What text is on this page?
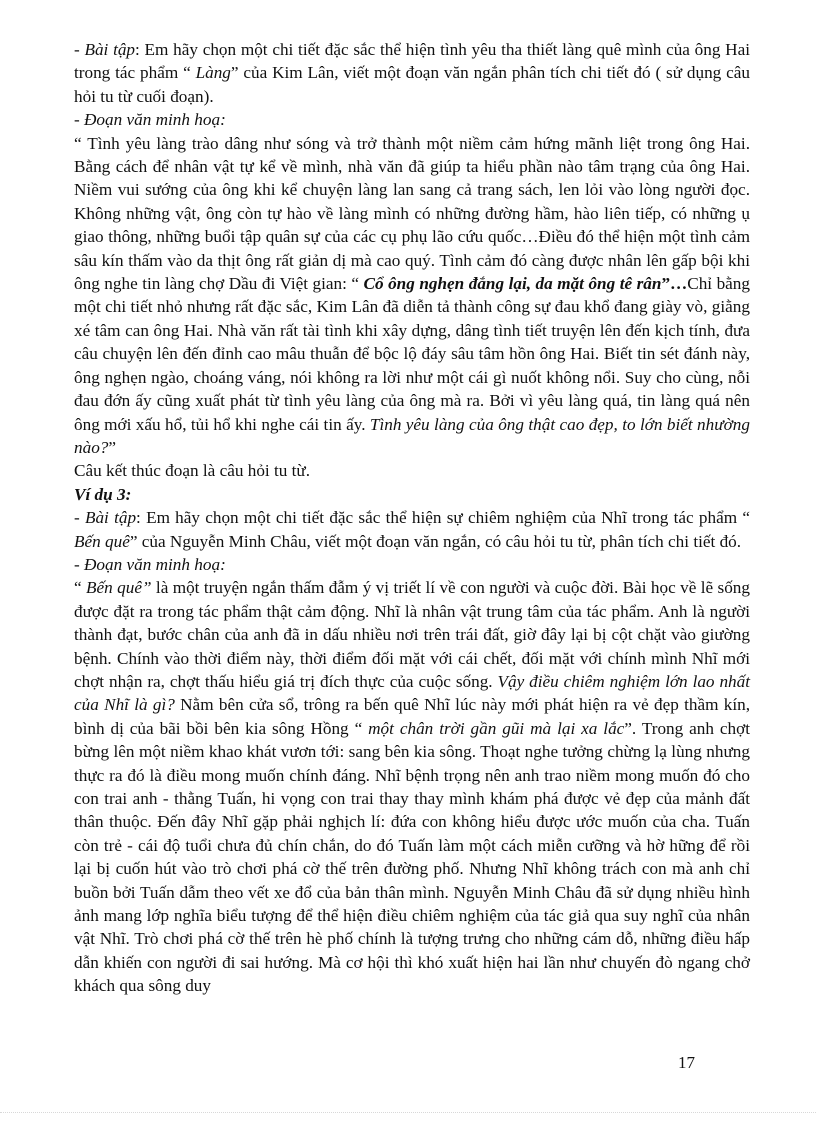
- Bài tập: Em hãy chọn một chi tiết đặc sắc thể hiện tình yêu tha thiết làng quê mình của ông Hai trong tác phẩm “ Làng” của Kim Lân, viết một đoạn văn ngắn phân tích chi tiết đó ( sử dụng câu hỏi tu từ cuối đoạn).

- Đoạn văn minh hoạ:

“ Tình yêu làng trào dâng như sóng và trở thành một niềm cảm hứng mãnh liệt trong ông Hai. Bằng cách để nhân vật tự kể về mình, nhà văn đã giúp ta hiểu phần nào tâm trạng của ông Hai. Niềm vui sướng của ông khi kể chuyện làng lan sang cả trang sách, len lỏi vào lòng người đọc. Không những vật, ông còn tự hào về làng mình có những đường hầm, hào liên tiếp, có những ụ giao thông, những buổi tập quân sự của các cụ phụ lão cứu quốc…Điều đó thể hiện một tình cảm sâu kín thấm vào da thịt ông rất giản dị mà cao quý. Tình cảm đó càng được nhân lên gấp bội khi ông nghe tin làng chợ Dầu đi Việt gian: “ Cổ ông nghẹn đắng lại, da mặt ông tê rân”…Chỉ bằng một chi tiết nhỏ nhưng rất đặc sắc, Kim Lân đã diễn tả thành công sự đau khổ đang giày vò, giằng xé tâm can ông Hai. Nhà văn rất tài tình khi xây dựng, dâng tình tiết truyện lên đến kịch tính, đưa câu chuyện lên đến đỉnh cao mâu thuẫn để bộc lộ đáy sâu tâm hồn ông Hai. Biết tin sét đánh này, ông nghẹn ngào, choáng váng, nói không ra lời như một cái gì nuốt không nổi. Suy cho cùng, nỗi đau đớn ấy cũng xuất phát từ tình yêu làng của ông mà ra. Bởi vì yêu làng quá, tin làng quá nên ông mới xấu hổ, tủi hổ khi nghe cái tin ấy. Tình yêu làng của ông thật cao đẹp, to lớn biết nhường nào?”

Câu kết thúc đoạn là câu hỏi tu từ.

Ví dụ 3:

- Bài tập: Em hãy chọn một chi tiết đặc sắc thể hiện sự chiêm nghiệm của Nhĩ trong tác phẩm “ Bến quê” của Nguyễn Minh Châu, viết một đoạn văn ngắn, có câu hỏi tu từ, phân tích chi tiết đó.

- Đoạn văn minh hoạ:

“ Bến quê” là một truyện ngắn thấm đẫm ý vị triết lí về con người và cuộc đời. Bài học về lẽ sống được đặt ra trong tác phẩm thật cảm động. Nhĩ là nhân vật trung tâm của tác phẩm. Anh là người thành đạt, bước chân của anh đã in dấu nhiều nơi trên trái đất, giờ đây lại bị cột chặt vào giường bệnh. Chính vào thời điểm này, thời điểm đối mặt với cái chết, đối mặt với chính mình Nhĩ mới chợt nhận ra, chợt thấu hiểu giá trị đích thực của cuộc sống. Vậy điều chiêm nghiệm lớn lao nhất của Nhĩ là gì? Nằm bên cửa sổ, trông ra bến quê Nhĩ lúc này mới phát hiện ra vẻ đẹp thầm kín, bình dị của bãi bồi bên kia sông Hồng “ một chân trời gần gũi mà lại xa lắc”. Trong anh chợt bừng lên một niềm khao khát vươn tới: sang bên kia sông. Thoạt nghe tưởng chừng lạ lùng nhưng thực ra đó là điều mong muốn chính đáng. Nhĩ bệnh trọng nên anh trao niềm mong muốn đó cho con trai anh - thằng Tuấn, hi vọng con trai thay thay mình khám phá được vẻ đẹp của mảnh đất thân thuộc. Đến đây Nhĩ gặp phải nghịch lí: đứa con không hiểu được ước muốn của cha. Tuấn còn trẻ - cái độ tuổi chưa đủ chín chắn, do đó Tuấn làm một cách miễn cưỡng và hờ hững để rồi lại bị cuốn hút vào trò chơi phá cờ thế trên đường phố. Nhưng Nhĩ không trách con mà anh chỉ buồn bởi Tuấn dẫm theo vết xe đổ của bản thân mình. Nguyễn Minh Châu đã sử dụng nhiều hình ảnh mang lớp nghĩa biểu tượng để thể hiện điều chiêm nghiệm của tác giả qua suy nghĩ của nhân vật Nhĩ. Trò chơi phá cờ thế trên hè phố chính là tượng trưng cho những cám dỗ, những điều hấp dẫn khiến con người đi sai hướng. Mà cơ hội thì khó xuất hiện hai lần như chuyến đò ngang chở khách qua sông duy

17
